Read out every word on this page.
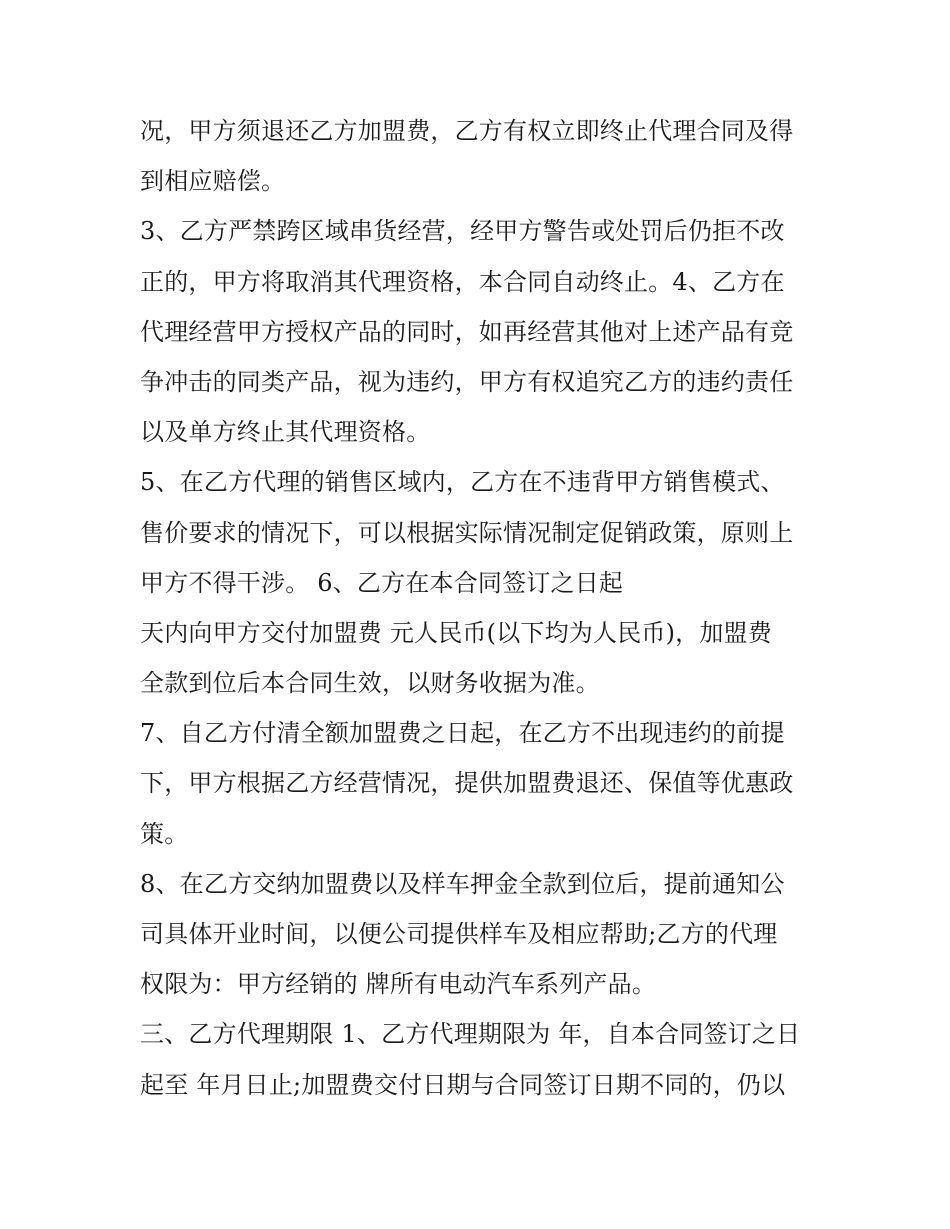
况，甲方须退还乙方加盟费，乙方有权立即终止代理合同及得
到相应赔偿。
3、乙方严禁跨区域串货经营，经甲方警告或处罚后仍拒不改
正的，甲方将取消其代理资格，本合同自动终止。4、乙方在
代理经营甲方授权产品的同时，如再经营其他对上述产品有竞
争冲击的同类产品，视为违约，甲方有权追究乙方的违约责任
以及单方终止其代理资格。
5、在乙方代理的销售区域内，乙方在不违背甲方销售模式、
售价要求的情况下，可以根据实际情况制定促销政策，原则上
甲方不得干涉。 6、乙方在本合同签订之日起
天内向甲方交付加盟费 元人民币(以下均为人民币)，加盟费
全款到位后本合同生效，以财务收据为准。
7、自乙方付清全额加盟费之日起，在乙方不出现违约的前提
下，甲方根据乙方经营情况，提供加盟费退还、保值等优惠政
策。
8、在乙方交纳加盟费以及样车押金全款到位后，提前通知公
司具体开业时间，以便公司提供样车及相应帮助;乙方的代理
权限为：甲方经销的 牌所有电动汽车系列产品。
三、乙方代理期限 1、乙方代理期限为 年，自本合同签订之日
起至 年月日止;加盟费交付日期与合同签订日期不同的，仍以
